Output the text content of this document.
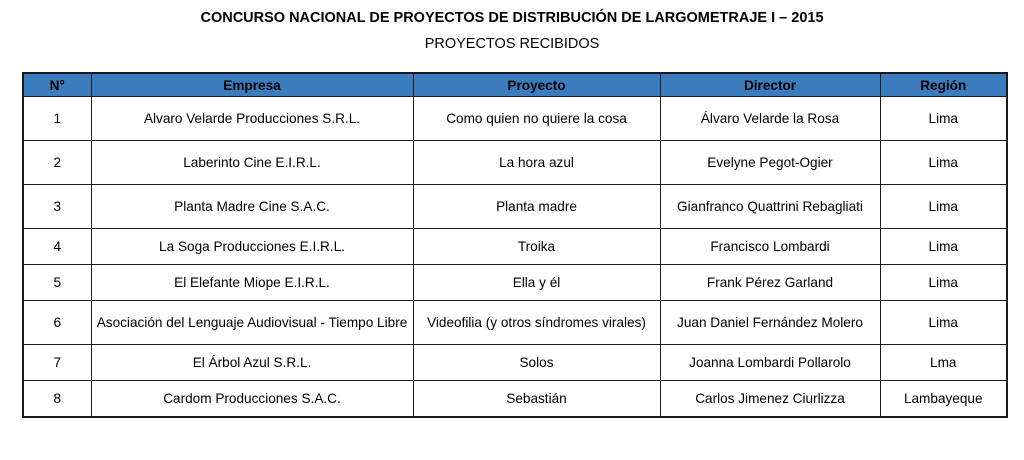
CONCURSO NACIONAL DE PROYECTOS DE DISTRIBUCIÓN DE LARGOMETRAJE I – 2015
PROYECTOS RECIBIDOS
N°	Empresa	Proyecto	Director	Región
1	Alvaro Velarde Producciones S.R.L.	Como quien no quiere la cosa	Álvaro Velarde la Rosa	Lima
2	Laberinto Cine E.I.R.L.	La hora azul	Evelyne Pegot-Ogier	Lima
3	Planta Madre Cine S.A.C.	Planta madre	Gianfranco Quattrini Rebagliati	Lima
4	La Soga Producciones E.I.R.L.	Troika	Francisco Lombardi	Lima
5	El Elefante Miope E.I.R.L.	Ella y él	Frank Pérez Garland	Lima
6	Asociación del Lenguaje Audiovisual - Tiempo Libre	Videofilia (y otros síndromes virales)	Juan Daniel Fernández Molero	Lima
7	El Árbol Azul S.R.L.	Solos	Joanna Lombardi Pollarolo	Lma
8	Cardom Producciones S.A.C.	Sebastián	Carlos Jimenez Ciurlizza	Lambayeque
